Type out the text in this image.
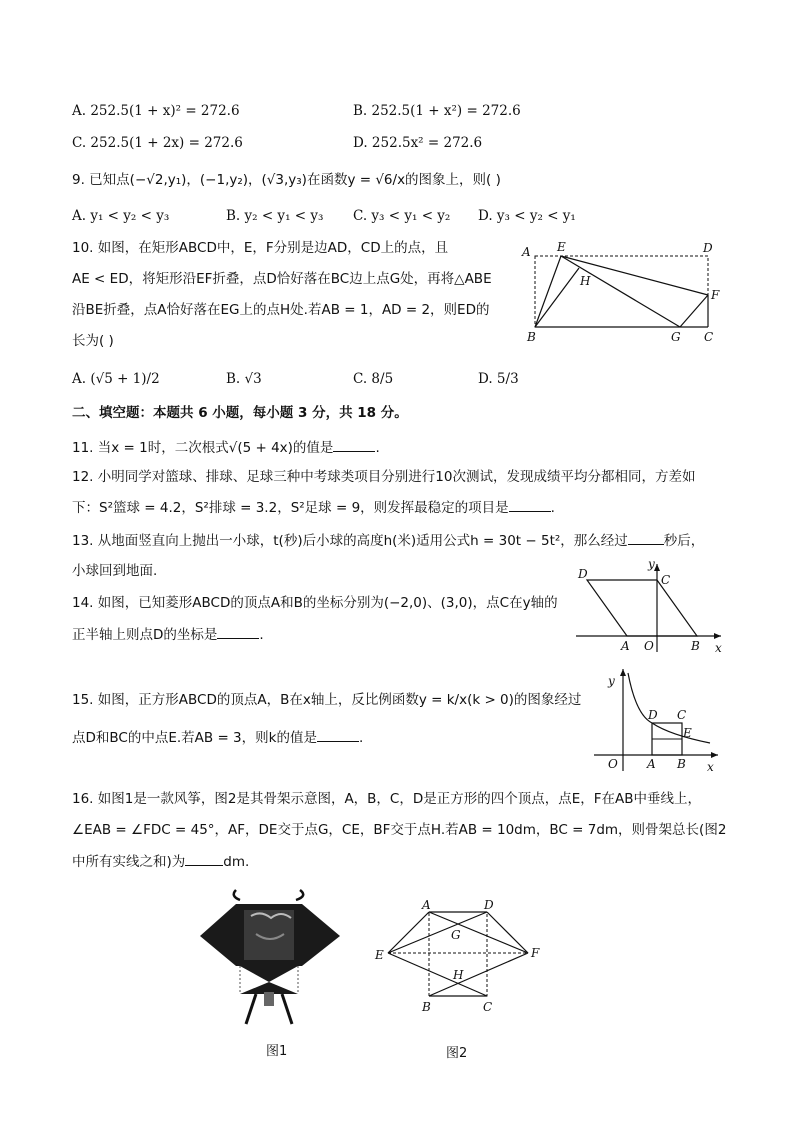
A. 252.5(1 + x)² = 272.6	B. 252.5(1 + x²) = 272.6
C. 252.5(1 + 2x) = 272.6	D. 252.5x² = 272.6
9. 已知点(−√2,y₁)，(−1,y₂)，(√3,y₃)在函数y = √6/x的图象上，则( )
A. y₁ < y₂ < y₃	B. y₂ < y₁ < y₃ C. y₃ < y₁ < y₂ D. y₃ < y₂ < y₁
10. 如图，在矩形ABCD中，E，F分别是边AD，CD上的点，且
AE < ED，将矩形沿EF折叠，点D恰好落在BC边上点G处，再将△ABE
沿BE折叠，点A恰好落在EG上的点H处.若AB = 1，AD = 2，则ED的
长为( )
A. (√5 + 1)/2	B. √3	C. 8/5	D. 5/3
A E	D
H
F
B	G C
二、填空题：本题共 6 小题，每小题 3 分，共 18 分。
11. 当x = 1时，二次根式√(5 + 4x)的值是	.
12. 小明同学对篮球、排球、足球三种中考球类项目分别进行10次测试，发现成绩平均分都相同，方差如
下：S²篮球 = 4.2，S²排球 = 3.2，S²足球 = 9，则发挥最稳定的项目是	.
13. 从地面竖直向上抛出一小球，t(秒)后小球的高度h(米)适用公式h = 30t − 5t²，那么经过	秒后，
小球回到地面.
14. 如图，已知菱形ABCD的顶点A和B的坐标分别为(−2,0)、(3,0)，点C在y轴的
正半轴上则点D的坐标是	.
D	C
y
A O	B x
15. 如图，正方形ABCD的顶点A，B在x轴上，反比例函数y = k/x(k > 0)的图象经过
点D和BC的中点E.若AB = 3，则k的值是	.
y
D C
E
O A B x
16. 如图1是一款风筝，图2是其骨架示意图，A，B，C，D是正方形的四个顶点，点E，F在AB中垂线上，
∠EAB = ∠FDC = 45°，AF，DE交于点G，CE，BF交于点H.若AB = 10dm，BC = 7dm，则骨架总长(图2
中所有实线之和)为	dm.
图1
A	D
G
E	F
H
B	C
图2
